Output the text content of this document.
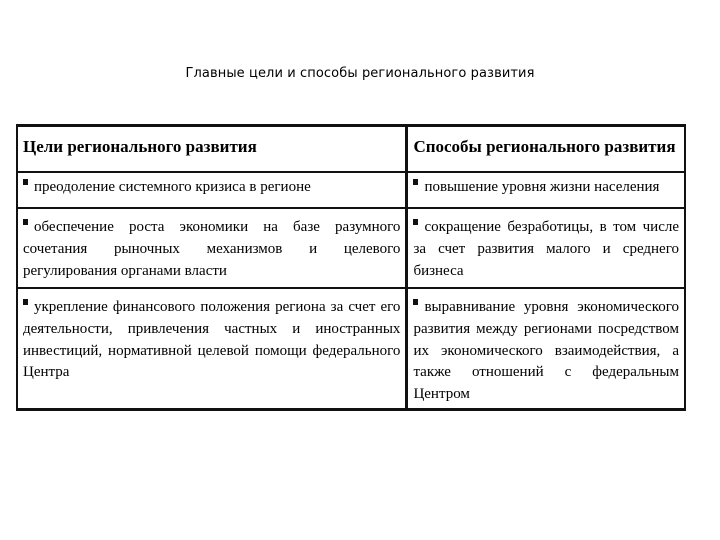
Главные цели и способы регионального развития
Цели регионального развития	Способы регионального развития
преодоление системного кризиса в регионе	повышение уровня жизни населения
обеспечение роста экономики на базе разумного сочетания рыночных механизмов и целевого регулирования органами власти	сокращение безработицы, в том числе за счет развития малого и среднего бизнеса
укрепление финансового положения региона за счет его деятельности, привлечения частных и иностранных инвестиций, нормативной целевой помощи федерального Центра	выравнивание уровня экономического развития между регионами посредством их экономического взаимодействия, а также отношений с федеральным Центром
